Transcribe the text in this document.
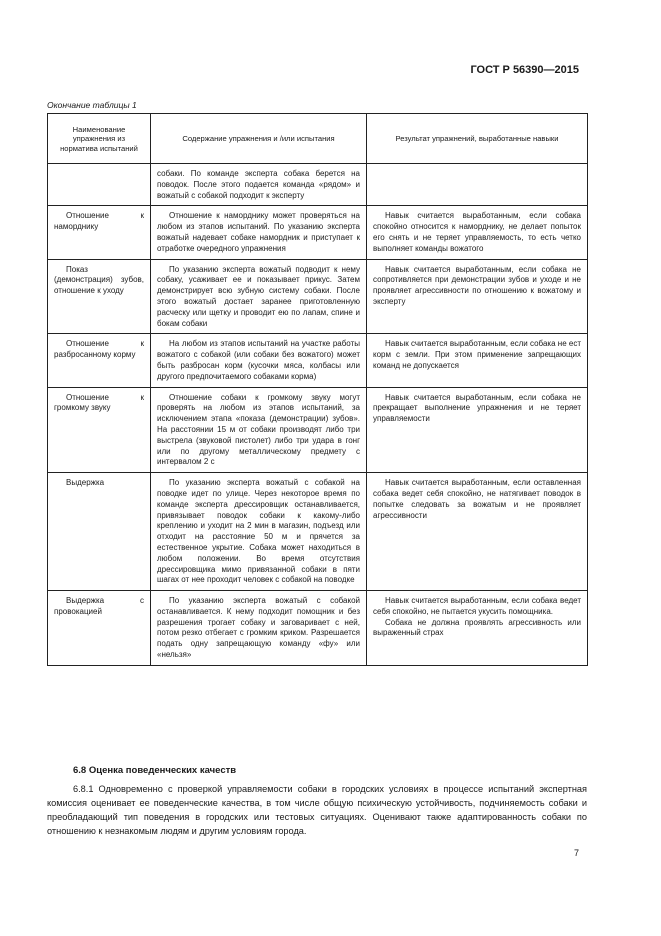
ГОСТ Р 56390—2015
Окончание таблицы 1
Наименование упражнения из норматива испытаний	Содержание упражнения и /или испытания	Результат упражнений, выработанные навыки
	собаки. По команде эксперта собака берется на поводок. После этого подается команда «рядом» и вожатый с собакой подходит к эксперту	
Отношение к наморднику	Отношение к наморднику может проверяться на любом из этапов испытаний. По указанию эксперта вожатый надевает собаке намордник и приступает к отработке очередного упражнения	Навык считается выработанным, если собака спокойно относится к наморднику, не делает попыток его снять и не теряет управляемость, то есть четко выполняет команды вожатого
Показ (демонстрация) зубов, отношение к уходу	По указанию эксперта вожатый подводит к нему собаку, усаживает ее и показывает прикус. Затем демонстрирует всю зубную систему собаки. После этого вожатый достает заранее приготовленную расческу или щетку и проводит ею по лапам, спине и бокам собаки	Навык считается выработанным, если собака не сопротивляется при демонстрации зубов и уходе и не проявляет агрессивности по отношению к вожатому и эксперту
Отношение к разбросанному корму	На любом из этапов испытаний на участке работы вожатого с собакой (или собаки без вожатого) может быть разбросан корм (кусочки мяса, колбасы или другого предпочитаемого собаками корма)	Навык считается выработанным, если собака не ест корм с земли. При этом применение запрещающих команд не допускается
Отношение к громкому звуку	Отношение собаки к громкому звуку могут проверять на любом из этапов испытаний, за исключением этапа «показа (демонстрации) зубов». На расстоянии 15 м от собаки производят либо три выстрела (звуковой пистолет) либо три удара в гонг или по другому металлическому предмету с интервалом 2 с	Навык считается выработанным, если собака не прекращает выполнение упражнения и не теряет управляемости
Выдержка	По указанию эксперта вожатый с собакой на поводке идет по улице. Через некоторое время по команде эксперта дрессировщик останавливается, привязывает поводок собаки к какому-либо креплению и уходит на 2 мин в магазин, подъезд или отходит на расстояние 50 м и прячется за естественное укрытие. Собака может находиться в любом положении. Во время отсутствия дрессировщика мимо привязанной собаки в пяти шагах от нее проходит человек с собакой на поводке	Навык считается выработанным, если оставленная собака ведет себя спокойно, не натягивает поводок в попытке следовать за вожатым и не проявляет агрессивности
Выдержка с провокацией	По указанию эксперта вожатый с собакой останавливается. К нему подходит помощник и без разрешения трогает собаку и заговаривает с ней, потом резко отбегает с громким криком. Разрешается подать одну запрещающую команду «фу» или «нельзя»	Навык считается выработанным, если собака ведет себя спокойно, не пытается укусить помощника.
Собака не должна проявлять агрессивность или выраженный страх
6.8 Оценка поведенческих качеств

6.8.1 Одновременно с проверкой управляемости собаки в городских условиях в процессе испытаний экспертная комиссия оценивает ее поведенческие качества, в том числе общую психическую устойчивость, подчиняемость собаки и преобладающий тип поведения в городских или тестовых ситуациях. Оценивают также адаптированность собаки по отношению к незнакомым людям и другим условиям города.

7
